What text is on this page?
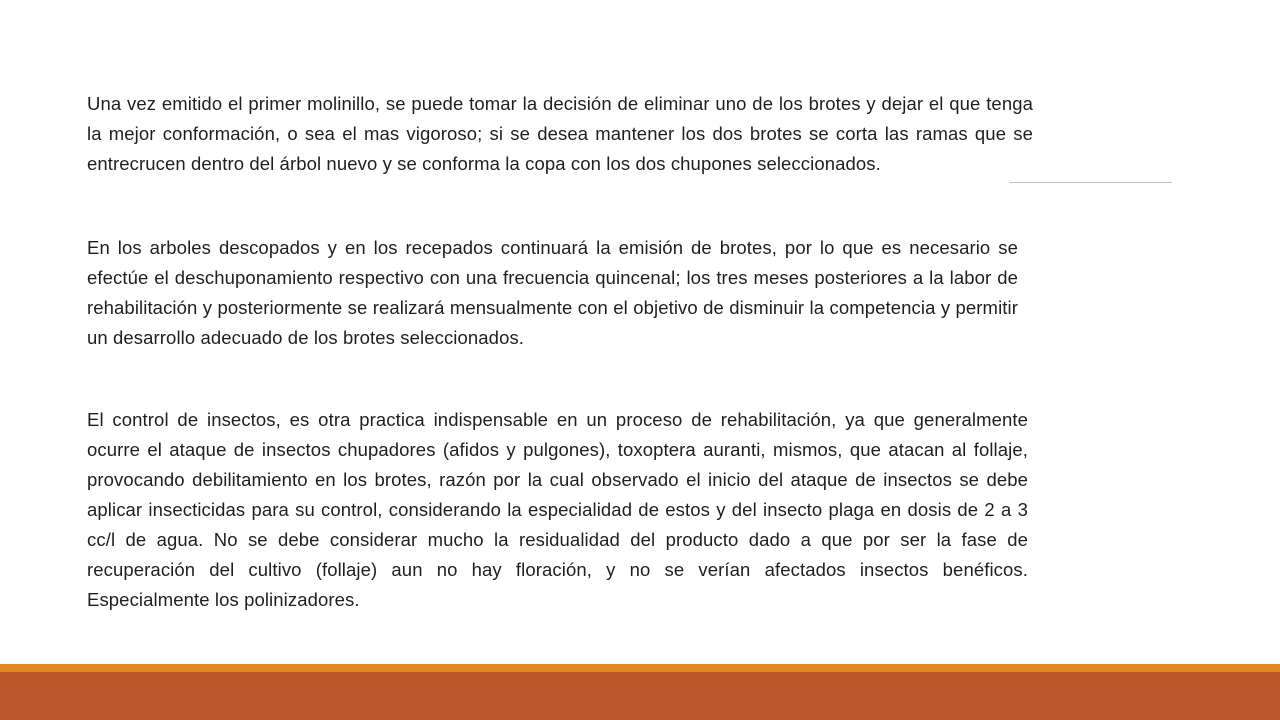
Una vez emitido el primer molinillo, se puede tomar la decisión de eliminar uno de los brotes y dejar el que tenga la mejor conformación, o sea el mas vigoroso; si se desea mantener los dos brotes se corta las ramas que se entrecrucen dentro del árbol nuevo y se conforma la copa con los dos chupones seleccionados.

En los arboles descopados y en los recepados continuará la emisión de brotes, por lo que es necesario se efectúe el deschuponamiento respectivo con una frecuencia quincenal; los tres meses posteriores a la labor de rehabilitación y posteriormente se realizará mensualmente con el objetivo de disminuir la competencia y permitir un desarrollo adecuado de los brotes seleccionados.

El control de insectos, es otra practica indispensable en un proceso de rehabilitación, ya que generalmente ocurre el ataque de insectos chupadores (afidos y pulgones), toxoptera auranti, mismos, que atacan al follaje, provocando debilitamiento en los brotes, razón por la cual observado el inicio del ataque de insectos se debe aplicar insecticidas para su control, considerando la especialidad de estos y del insecto plaga en dosis de 2 a 3 cc/l de agua. No se debe considerar mucho la residualidad del producto dado a que por ser la fase de recuperación del cultivo (follaje) aun no hay floración, y no se verían afectados insectos benéficos. Especialmente los polinizadores.
